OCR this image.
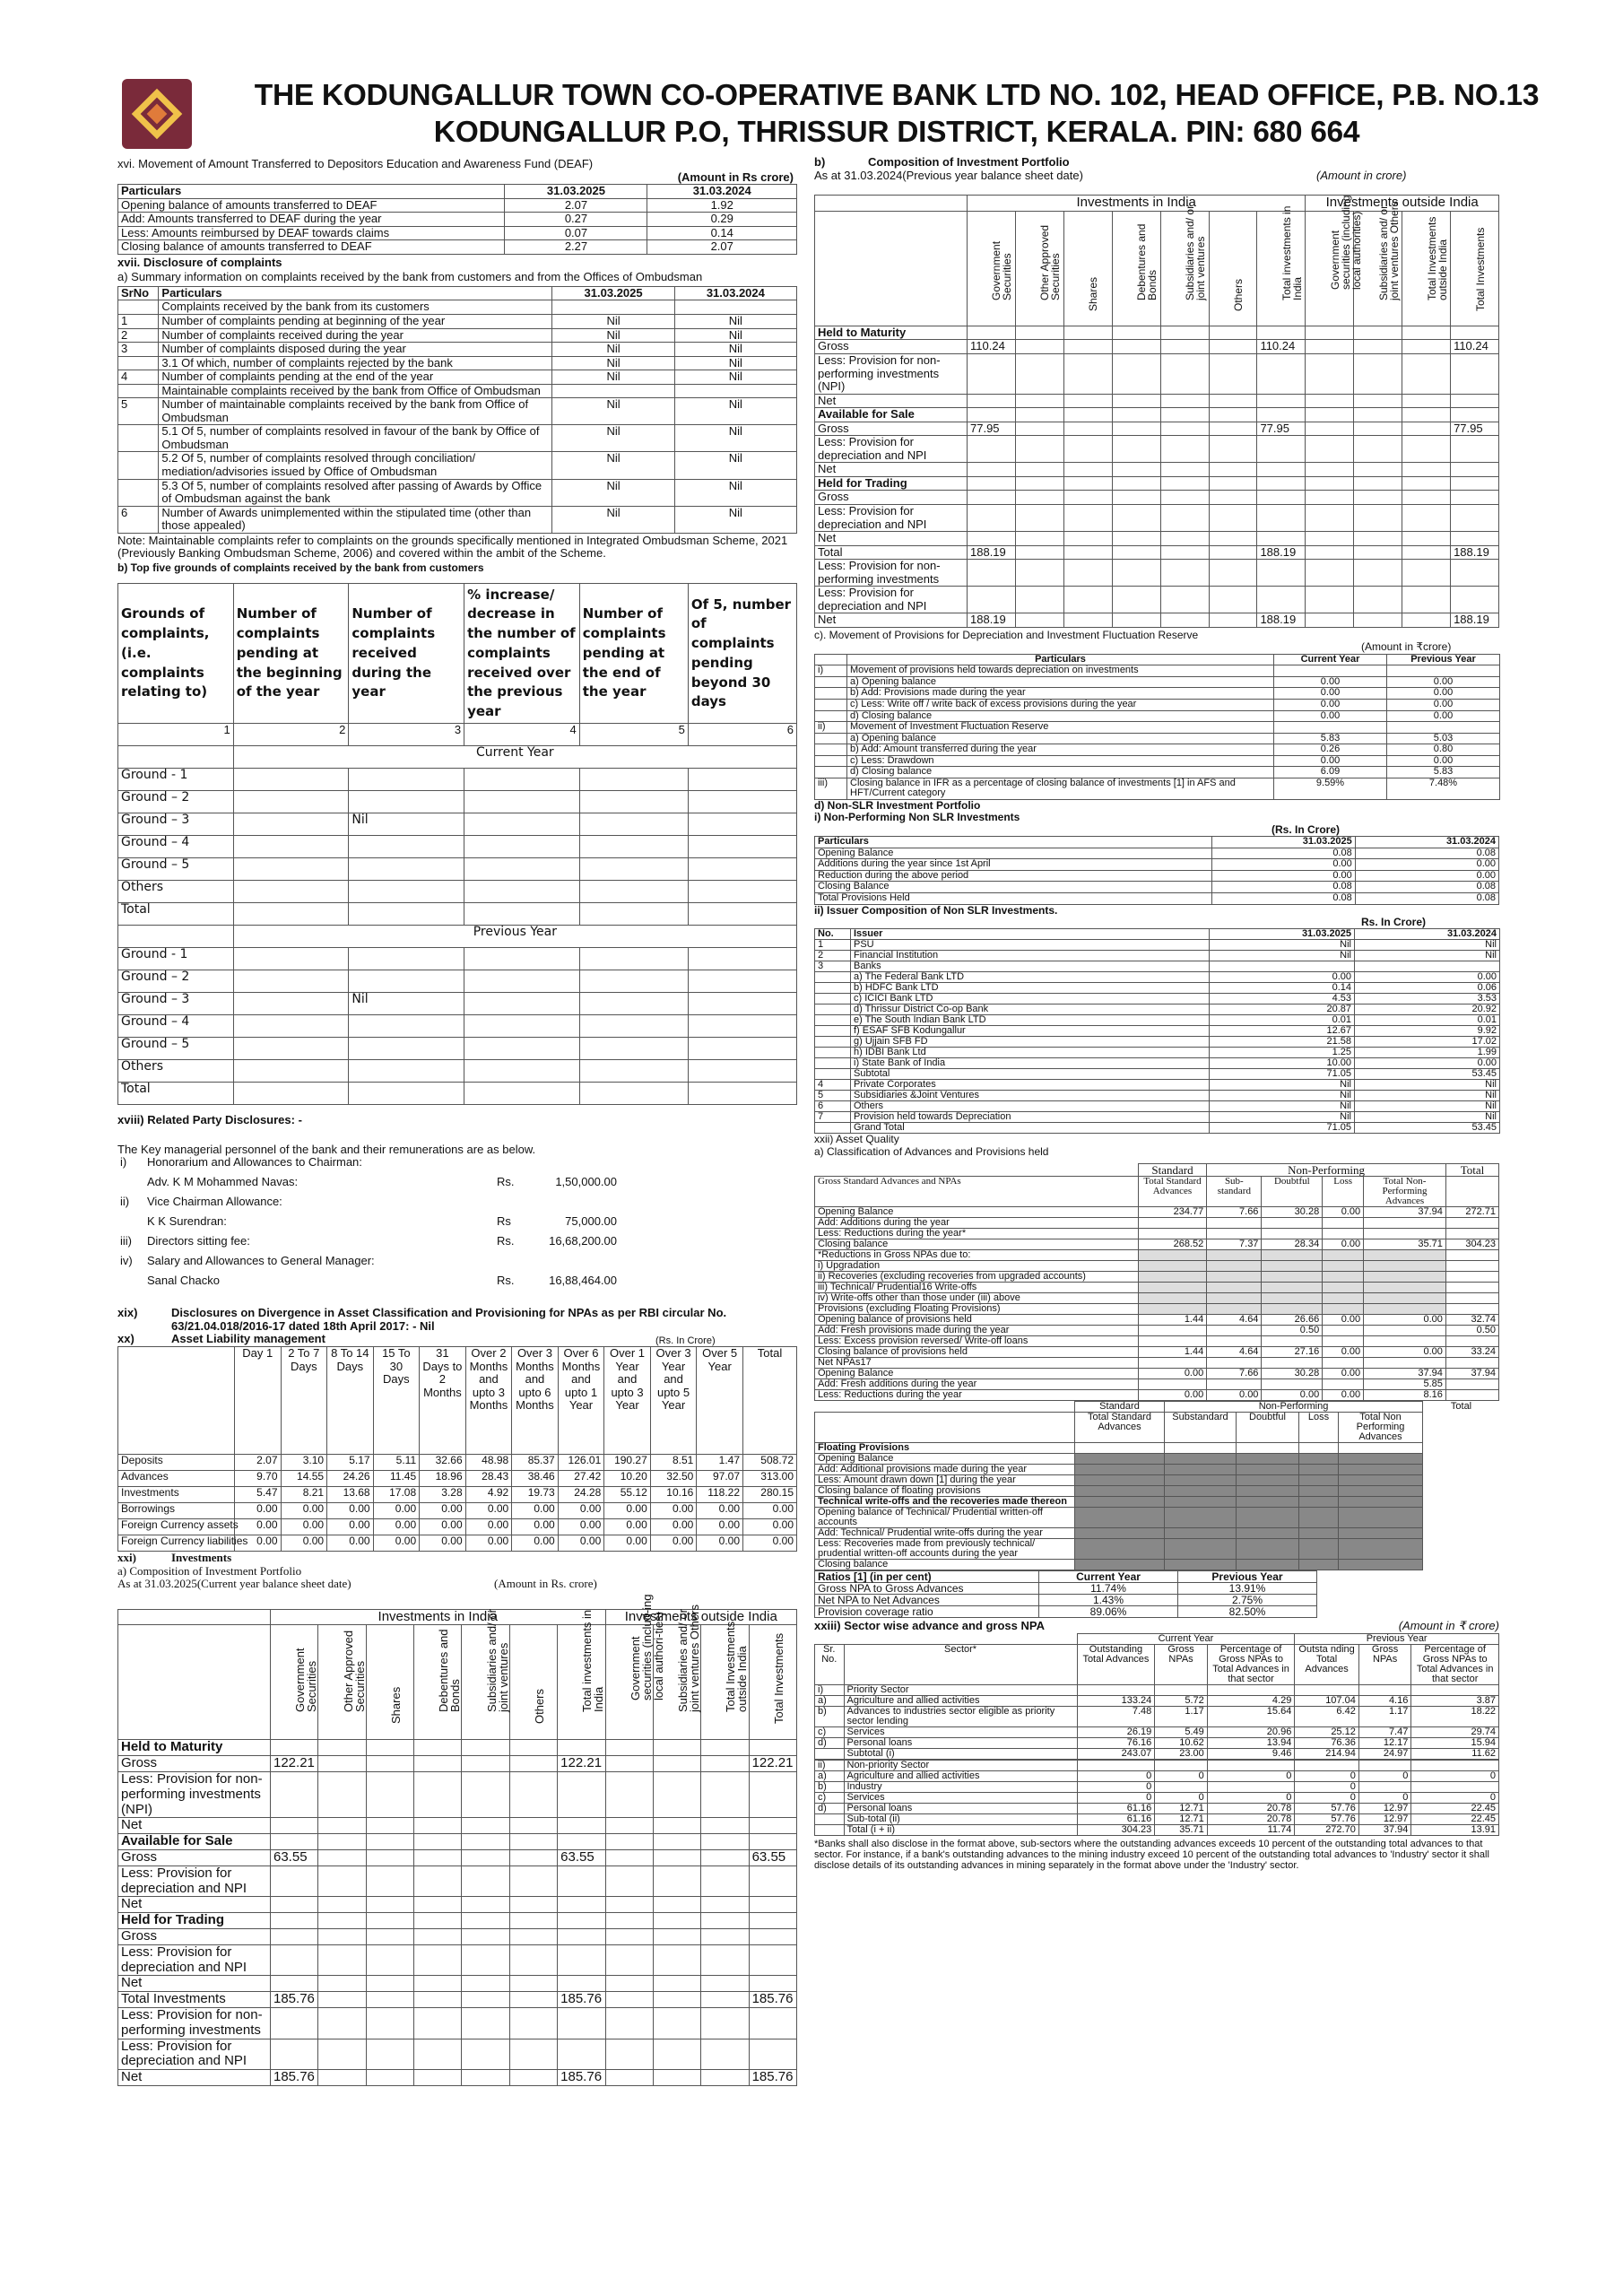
THE KODUNGALLUR TOWN CO-OPERATIVE BANK LTD NO. 102, HEAD OFFICE, P.B. NO.13
KODUNGALLUR P.O, THRISSUR DISTRICT, KERALA. PIN: 680 664
xvi. Movement of Amount Transferred to Depositors Education and Awareness Fund (DEAF)
(Amount in Rs crore)
Particulars	31.03.2025	31.03.2024
Opening balance of amounts transferred to DEAF	2.07	1.92
Add: Amounts transferred to DEAF during the year	0.27	0.29
Less: Amounts reimbursed by DEAF towards claims	0.07	0.14
Closing balance of amounts transferred to DEAF	2.27	2.07
xvii. Disclosure of complaints
a) Summary information on complaints received by the bank from customers and from the Offices of Ombudsman
SrNo	Particulars	31.03.2025	31.03.2024
	Complaints received by the bank from its customers		
1	Number of complaints pending at beginning of the year	Nil	Nil
2	Number of complaints received during the year	Nil	Nil
3	Number of complaints disposed during the year	Nil	Nil
	3.1 Of which, number of complaints rejected by the bank	Nil	Nil
4	Number of complaints pending at the end of the year	Nil	Nil
	Maintainable complaints received by the bank from Office of Ombudsman		
5	Number of maintainable complaints received by the bank from Office of Ombudsman	Nil	Nil
	5.1 Of 5, number of complaints resolved in favour of the bank by Office of Ombudsman	Nil	Nil
	5.2 Of 5, number of complaints resolved through conciliation/ mediation/advisories issued by Office of Ombudsman	Nil	Nil
	5.3 Of 5, number of complaints resolved after passing of Awards by Office of Ombudsman against the bank	Nil	Nil
6	Number of Awards unimplemented within the stipulated time (other than those appealed)	Nil	Nil
Note: Maintainable complaints refer to complaints on the grounds specifically mentioned in Integrated Ombudsman Scheme, 2021 (Previously Banking Ombudsman Scheme, 2006) and covered within the ambit of the Scheme.
b) Top five grounds of complaints received by the bank from customers
Grounds of complaints, (i.e. complaints relating to)	Number of complaints pending at the beginning of the year	Number of complaints received during the year	% increase/ decrease in the number of complaints received over the previous year	Number of complaints pending at the end of the year	Of 5, number of complaints pending beyond 30 days
1	2	3	4	5	6
	Current Year				
Ground - 1					
Ground – 2					
Ground – 3		Nil			
Ground – 4					
Ground – 5					
Others					
Total					
	Previous Year				
Ground - 1					
Ground – 2					
Ground – 3		Nil			
Ground – 4					
Ground – 5					
Others					
Total					
xviii) Related Party Disclosures: -
The Key managerial personnel of the bank and their remunerations are as below.
i)	Honorarium and Allowances to Chairman:		
	Adv. K M Mohammed Navas:	Rs.	1,50,000.00
ii)	Vice Chairman Allowance:		
	K K Surendran:	Rs	75,000.00
iii)	Directors sitting fee:	Rs.	16,68,200.00
iv)	Salary and Allowances to General Manager:		
	Sanal Chacko	Rs.	16,88,464.00
xix)	Disclosures on Divergence in Asset Classification and Provisioning for NPAs as per RBI circular No. 63/21.04.018/2016-17 dated 18th April 2017: - Nil
xx)	Asset Liability management	(Rs. In Crore)
	Day 1	2 To 7 Days	8 To 14 Days	15 To 30 Days	31 Days to 2 Months	Over 2 Months and upto 3 Months	Over 3 Months and upto 6 Months	Over 6 Months and upto 1 Year	Over 1 Year and upto 3 Year	Over 3 Year and upto 5 Year	Over 5 Year	Total
Deposits	2.07	3.10	5.17	5.11	32.66	48.98	85.37	126.01	190.27	8.51	1.47	508.72
Advances	9.70	14.55	24.26	11.45	18.96	28.43	38.46	27.42	10.20	32.50	97.07	313.00
Investments	5.47	8.21	13.68	17.08	3.28	4.92	19.73	24.28	55.12	10.16	118.22	280.15
Borrowings	0.00	0.00	0.00	0.00	0.00	0.00	0.00	0.00	0.00	0.00	0.00	0.00
Foreign Currency assets	0.00	0.00	0.00	0.00	0.00	0.00	0.00	0.00	0.00	0.00	0.00	0.00
Foreign Currency liabilities	0.00	0.00	0.00	0.00	0.00	0.00	0.00	0.00	0.00	0.00	0.00	0.00
xxi)	Investments
a) Composition of Investment Portfolio
As at 31.03.2025(Current year balance sheet date)	(Amount in Rs. crore)
	Investments in India							Investments outside India			

	Government Securities	Other Approved Securities	Shares	Debentures and Bonds	Subsidiaries and/ or joint ventures	Others	Total investments in India	Government securities (includ-ing local authori-ties)	Subsidiaries and/ or joint ventures Others	Total Investments outside India	Total Investments

Held to Maturity											
Gross	122.21						122.21				122.21
Less: Provision for non-performing investments (NPI)											
Net											
Available for Sale											
Gross	63.55						63.55				63.55
Less: Provision for depreciation and NPI											
Net											
Held for Trading											
Gross											
Less: Provision for depreciation and NPI											
Net											
Total Investments	185.76						185.76				185.76
Less: Provision for non-performing investments											
Less: Provision for depreciation and NPI											
Net	185.76						185.76				185.76
b)	Composition of Investment Portfolio
As at 31.03.2024(Previous year balance sheet date)	(Amount in crore)
	Investments in India							Investments outside India			

	Government Securities	Other Approved Securities	Shares	Debentures and Bonds	Subsidiaries and/ or joint ventures	Others	Total investments in India	Government securities (including local authorities)	Subsidiaries and/ or joint ventures Others	Total Investments outside India	Total Investments

Held to Maturity											
Gross	110.24						110.24				110.24
Less: Provision for non-performing investments (NPI)											
Net											
Available for Sale											
Gross	77.95						77.95				77.95
Less: Provision for depreciation and NPI											
Net											
Held for Trading											
Gross											
Less: Provision for depreciation and NPI											
Net											
Total	188.19						188.19				188.19
Less: Provision for non-performing investments											
Less: Provision for depreciation and NPI											
Net	188.19						188.19				188.19
c). Movement of Provisions for Depreciation and Investment Fluctuation Reserve
(Amount in ₹crore)
	Particulars	Current Year	Previous Year
i)	Movement of provisions held towards depreciation on investments		
	a) Opening balance	0.00	0.00
	b) Add: Provisions made during the year	0.00	0.00
	c) Less: Write off / write back of excess provisions during the year	0.00	0.00
	d) Closing balance	0.00	0.00
ii)	Movement of Investment Fluctuation Reserve		
	a) Opening balance	5.83	5.03
	b) Add: Amount transferred during the year	0.26	0.80
	c) Less: Drawdown	0.00	0.00
	d) Closing balance	6.09	5.83
iii)	Closing balance in IFR as a percentage of closing balance of investments [1] in AFS and HFT/Current category	9.59%	7.48%
d) Non-SLR Investment Portfolio
i) Non-Performing Non SLR Investments
(Rs. In Crore)
Particulars	31.03.2025	31.03.2024
Opening Balance	0.08	0.08
Additions during the year since 1st April	0.00	0.00
Reduction during the above period	0.00	0.00
Closing Balance	0.08	0.08
Total Provisions Held	0.08	0.08
ii) Issuer Composition of Non SLR Investments.
Rs. In Crore)
No.	Issuer	31.03.2025	31.03.2024
1	PSU	Nil	Nil
2	Financial Institution	Nil	Nil
3	Banks		
	a) The Federal Bank LTD	0.00	0.00
	b) HDFC Bank LTD	0.14	0.06
	c) ICICI Bank LTD	4.53	3.53
	d) Thrissur District Co-op Bank	20.87	20.92
	e) The South Indian Bank LTD	0.01	0.01
	f) ESAF SFB Kodungallur	12.67	9.92
	g) Ujjain SFB FD	21.58	17.02
	h) IDBI Bank Ltd	1.25	1.99
	i) State Bank of India	10.00	0.00
	Subtotal	71.05	53.45
4	Private Corporates	Nil	Nil
5	Subsidiaries &Joint Ventures	Nil	Nil
6	Others	Nil	Nil
7	Provision held towards Depreciation	Nil	Nil
	Grand Total	71.05	53.45
xxii) Asset Quality
a) Classification of Advances and Provisions held
	Standard	Non-Performing				Total
Gross Standard Advances and NPAs	Total Standard Advances	Sub-standard	Doubtful	Loss	Total Non-Performing Advances	
Opening Balance	234.77	7.66	30.28	0.00	37.94	272.71
Add: Additions during the year						
Less: Reductions during the year*						
Closing balance	268.52	7.37	28.34	0.00	35.71	304.23
*Reductions in Gross NPAs due to:						
i) Upgradation						
ii) Recoveries (excluding recoveries from upgraded accounts)						
iii) Technical/ Prudential16 Write-offs						
iv) Write-offs other than those under (iii) above						
Provisions (excluding Floating Provisions)						
Opening balance of provisions held	1.44	4.64	26.66	0.00	0.00	32.74
Add: Fresh provisions made during the year			0.50			0.50
Less: Excess provision reversed/ Write-off loans						
Closing balance of provisions held	1.44	4.64	27.16	0.00	0.00	33.24
Net NPAs17						
Opening Balance	0.00	7.66	30.28	0.00	37.94	37.94
Add: Fresh additions during the year					5.85	
Less: Reductions during the year	0.00	0.00	0.00	0.00	8.16	
	Standard	Non-Performing				Total
	Total Standard Advances	Substandard	Doubtful	Loss	Total Non Performing Advances	
Floating Provisions						
Opening Balance						
Add: Additional provisions made during the year						
Less: Amount drawn down [1] during the year						
Closing balance of floating provisions						
Technical write-offs and the recoveries made thereon						
Opening balance of Technical/ Prudential written-off accounts						
Add: Technical/ Prudential write-offs during the year						
Less: Recoveries made from previously technical/ prudential written-off accounts during the year						
Closing balance						
Ratios [1] (in per cent)	Current Year	Previous Year
Gross NPA to Gross Advances	11.74%	13.91%
Net NPA to Net Advances	1.43%	2.75%
Provision coverage ratio	89.06%	82.50%
xxiii) Sector wise advance and gross NPA	(Amount in ₹ crore)
		Current Year			Previous Year		
Sr. No.	Sector*	Outstanding Total Advances	Gross NPAs	Percentage of Gross NPAs to Total Advances in that sector	Outsta nding Total Advances	Gross NPAs	Percentage of Gross NPAs to Total Advances in that sector
i)	Priority Sector						
a)	Agriculture and allied activities	133.24	5.72	4.29	107.04	4.16	3.87
b)	Advances to industries sector eligible as priority sector lending	7.48	1.17	15.64	6.42	1.17	18.22
c)	Services	26.19	5.49	20.96	25.12	7.47	29.74
d)	Personal loans	76.16	10.62	13.94	76.36	12.17	15.94
	Subtotal (i)	243.07	23.00	9.46	214.94	24.97	11.62

ii)	Non-priority Sector						
a)	Agriculture and allied activities	0	0	0	0	0	0
b)	Industry	0			0		
c)	Services	0	0	0	0	0	0
d)	Personal loans	61.16	12.71	20.78	57.76	12.97	22.45
	Sub-total (ii)	61.16	12.71	20.78	57.76	12.97	22.45
	Total (i + ii)	304.23	35.71	11.74	272.70	37.94	13.91
*Banks shall also disclose in the format above, sub-sectors where the outstanding advances exceeds 10 percent of the outstanding total advances to that sector. For instance, if a bank's outstanding advances to the mining industry exceed 10 percent of the outstanding total advances to 'Industry' sector it shall disclose details of its outstanding advances in mining separately in the format above under the 'Industry' sector.
